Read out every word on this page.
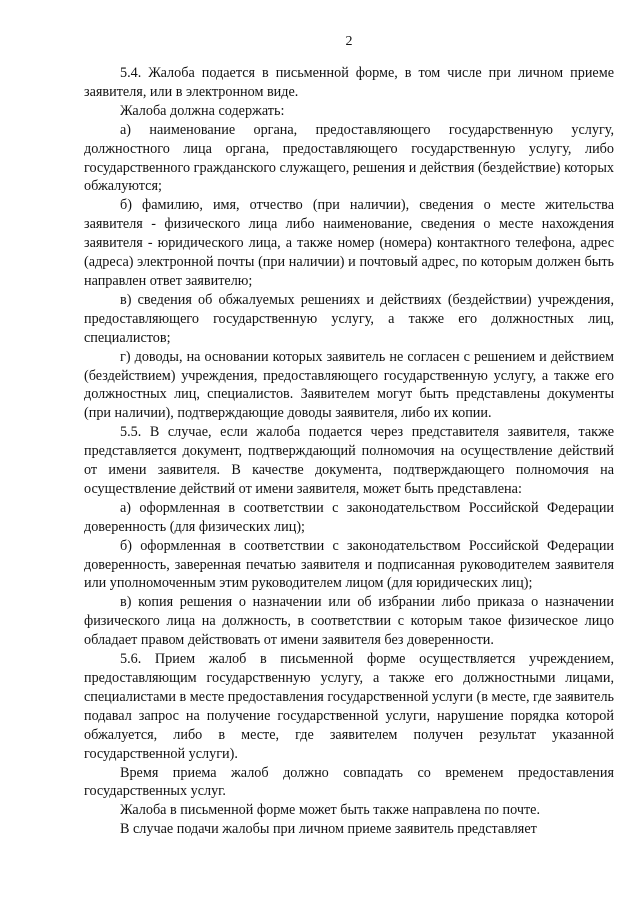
2

5.4. Жалоба подается в письменной форме, в том числе при личном приеме заявителя, или в электронном виде.

Жалоба должна содержать:

а) наименование органа, предоставляющего государственную услугу, должностного лица органа, предоставляющего государственную услугу, либо государственного гражданского служащего, решения и действия (бездействие) которых обжалуются;

б) фамилию, имя, отчество (при наличии), сведения о месте жительства заявителя - физического лица либо наименование, сведения о месте нахождения заявителя - юридического лица, а также номер (номера) контактного телефона, адрес (адреса) электронной почты (при наличии) и почтовый адрес, по которым должен быть направлен ответ заявителю;

в) сведения об обжалуемых решениях и действиях (бездействии) учреждения, предоставляющего государственную услугу, а также его должностных лиц, специалистов;

г) доводы, на основании которых заявитель не согласен с решением и действием (бездействием) учреждения, предоставляющего государственную услугу, а также его должностных лиц, специалистов. Заявителем могут быть представлены документы (при наличии), подтверждающие доводы заявителя, либо их копии.

5.5. В случае, если жалоба подается через представителя заявителя, также представляется документ, подтверждающий полномочия на осуществление действий от имени заявителя. В качестве документа, подтверждающего полномочия на осуществление действий от имени заявителя, может быть представлена:

а) оформленная в соответствии с законодательством Российской Федерации доверенность (для физических лиц);

б) оформленная в соответствии с законодательством Российской Федерации доверенность, заверенная печатью заявителя и подписанная руководителем заявителя или уполномоченным этим руководителем лицом (для юридических лиц);

в) копия решения о назначении или об избрании либо приказа о назначении физического лица на должность, в соответствии с которым такое физическое лицо обладает правом действовать от имени заявителя без доверенности.

5.6. Прием жалоб в письменной форме осуществляется учреждением, предоставляющим государственную услугу, а также его должностными лицами, специалистами в месте предоставления государственной услуги (в месте, где заявитель подавал запрос на получение государственной услуги, нарушение порядка которой обжалуется, либо в месте, где заявителем получен результат указанной государственной услуги).

Время приема жалоб должно совпадать со временем предоставления государственных услуг.

Жалоба в письменной форме может быть также направлена по почте.

В случае подачи жалобы при личном приеме заявитель представляет
